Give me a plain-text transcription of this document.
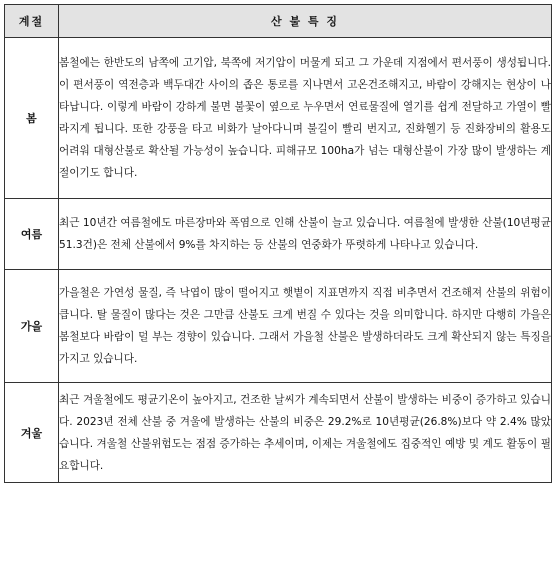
계절	산 불 특 징
봄	봄철에는 한반도의 남쪽에 고기압, 북쪽에 저기압이 머물게 되고 그 가운데 지점에서 편서풍이 생성됩니다. 이 편서풍이 역전층과 백두대간 사이의 좁은 통로를 지나면서 고온건조해지고, 바람이 강해지는 현상이 나타납니다. 이렇게 바람이 강하게 불면 불꽃이 옆으로 누우면서 연료물질에 열기를 쉽게 전달하고 가열이 빨라지게 됩니다. 또한 강풍을 타고 비화가 날아다니며 불길이 빨리 번지고, 진화헬기 등 진화장비의 활용도 어려워 대형산불로 확산될 가능성이 높습니다. 피해규모 100ha가 넘는 대형산불이 가장 많이 발생하는 계절이기도 합니다.
여름	최근 10년간 여름철에도 마른장마와 폭염으로 인해 산불이 늘고 있습니다. 여름철에 발생한 산불(10년평균 51.3건)은 전체 산불에서 9%를 차지하는 등 산불의 연중화가 뚜렷하게 나타나고 있습니다.
가을	가을철은 가연성 물질, 즉 낙엽이 많이 떨어지고 햇볕이 지표면까지 직접 비추면서 건조해져 산불의 위험이 큽니다. 탈 물질이 많다는 것은 그만큼 산불도 크게 번질 수 있다는 것을 의미합니다. 하지만 다행히 가을은 봄철보다 바람이 덜 부는 경향이 있습니다. 그래서 가을철 산불은 발생하더라도 크게 확산되지 않는 특징을 가지고 있습니다.
겨울	최근 겨울철에도 평균기온이 높아지고, 건조한 날씨가 계속되면서 산불이 발생하는 비중이 증가하고 있습니다. 2023년 전체 산불 중 겨울에 발생하는 산불의 비중은 29.2%로 10년평균(26.8%)보다 약 2.4% 많았습니다. 겨울철 산불위험도는 점점 증가하는 추세이며, 이제는 겨울철에도 집중적인 예방 및 계도 활동이 필요합니다.
